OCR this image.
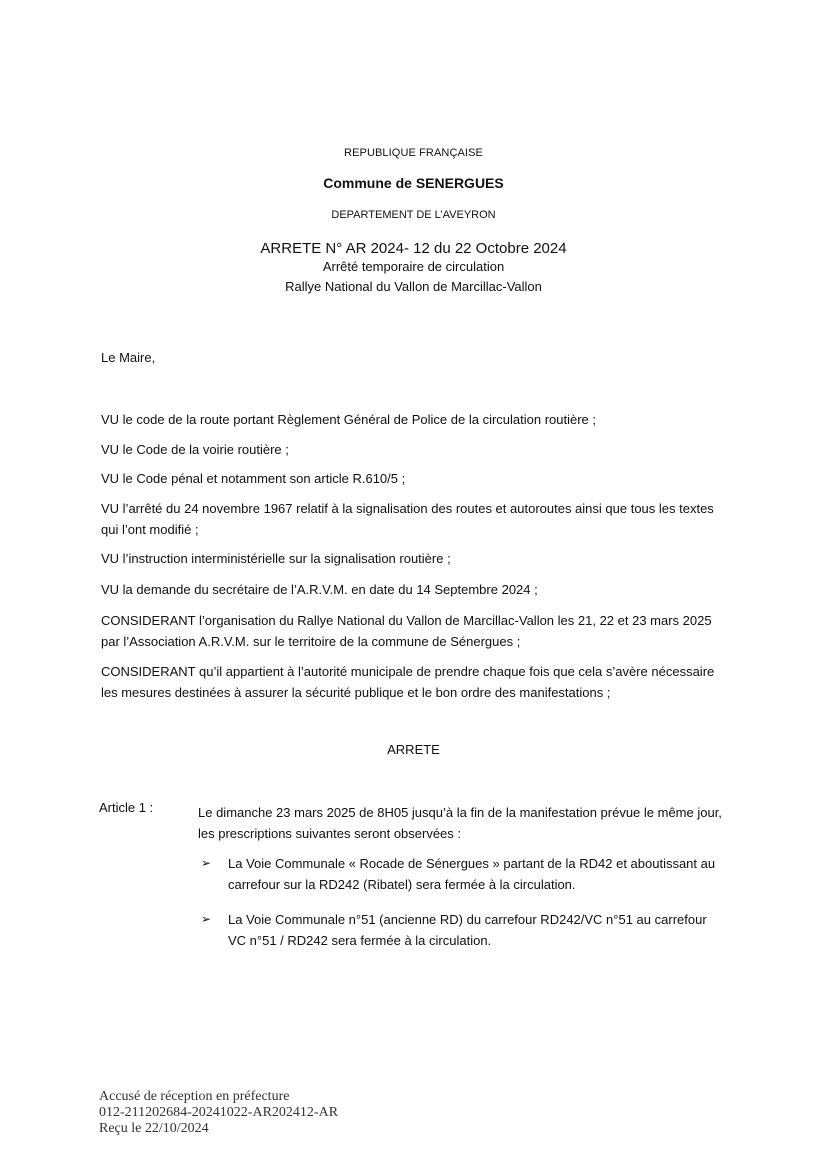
REPUBLIQUE FRANÇAISE
Commune de SENERGUES
DEPARTEMENT DE L’AVEYRON
ARRETE N° AR 2024- 12 du 22 Octobre 2024
Arrêté temporaire de circulation
Rallye National du Vallon de Marcillac-Vallon
Le Maire,
VU le code de la route portant Règlement Général de Police de la circulation routière ;
VU le Code de la voirie routière ;
VU le Code pénal et notamment son article R.610/5 ;
VU l’arrêté du 24 novembre 1967 relatif à la signalisation des routes et autoroutes ainsi que tous les textes qui l’ont modifié ;
VU l’instruction interministérielle sur la signalisation routière ;
VU la demande du secrétaire de l’A.R.V.M. en date du 14 Septembre 2024 ;
CONSIDERANT l’organisation du Rallye National du Vallon de Marcillac-Vallon les 21, 22 et 23 mars 2025 par l’Association A.R.V.M. sur le territoire de la commune de Sénergues ;
CONSIDERANT qu’il appartient à l’autorité municipale de prendre chaque fois que cela s’avère nécessaire les mesures destinées à assurer la sécurité publique et le bon ordre des manifestations ;
ARRETE
Article 1 :	Le dimanche 23 mars 2025 de 8H05 jusqu’à la fin de la manifestation prévue le même jour, les prescriptions suivantes seront observées :
➢ La Voie Communale « Rocade de Sénergues » partant de la RD42 et aboutissant au carrefour sur la RD242 (Ribatel) sera fermée à la circulation.
➢ La Voie Communale n°51 (ancienne RD) du carrefour RD242/VC n°51 au carrefour VC n°51 / RD242 sera fermée à la circulation.
Accusé de réception en préfecture
012-211202684-20241022-AR202412-AR
Reçu le 22/10/2024
